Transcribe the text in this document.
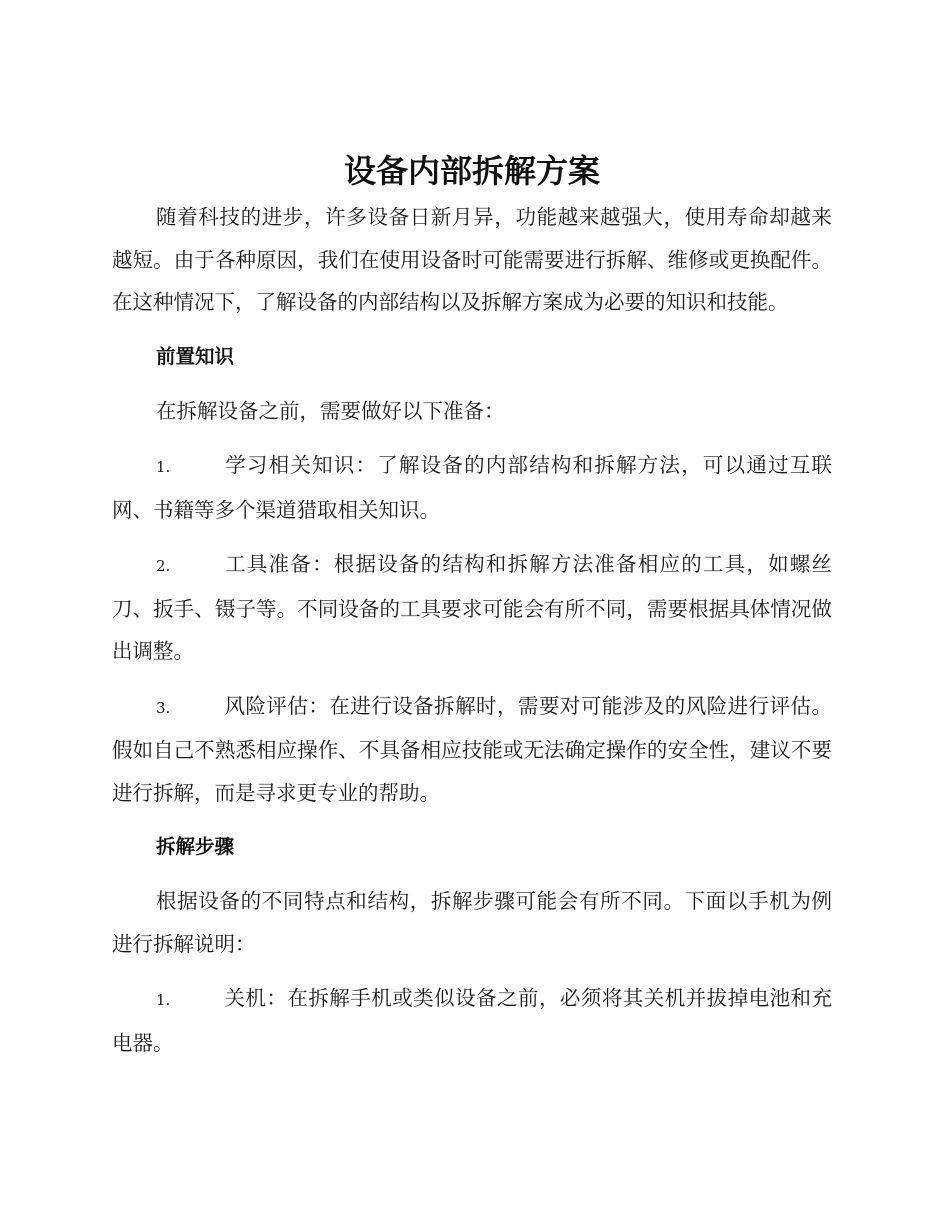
设备内部拆解方案

随着科技的进步，许多设备日新月异，功能越来越强大，使用寿命却越来越短。由于各种原因，我们在使用设备时可能需要进行拆解、维修或更换配件。在这种情况下，了解设备的内部结构以及拆解方案成为必要的知识和技能。

前置知识

在拆解设备之前，需要做好以下准备：

1.	学习相关知识：了解设备的内部结构和拆解方法，可以通过互联网、书籍等多个渠道猎取相关知识。

2.	工具准备：根据设备的结构和拆解方法准备相应的工具，如螺丝刀、扳手、镊子等。不同设备的工具要求可能会有所不同，需要根据具体情况做出调整。

3.	风险评估：在进行设备拆解时，需要对可能涉及的风险进行评估。假如自己不熟悉相应操作、不具备相应技能或无法确定操作的安全性，建议不要进行拆解，而是寻求更专业的帮助。

拆解步骤

根据设备的不同特点和结构，拆解步骤可能会有所不同。下面以手机为例进行拆解说明：

1.	关机：在拆解手机或类似设备之前，必须将其关机并拔掉电池和充电器。
